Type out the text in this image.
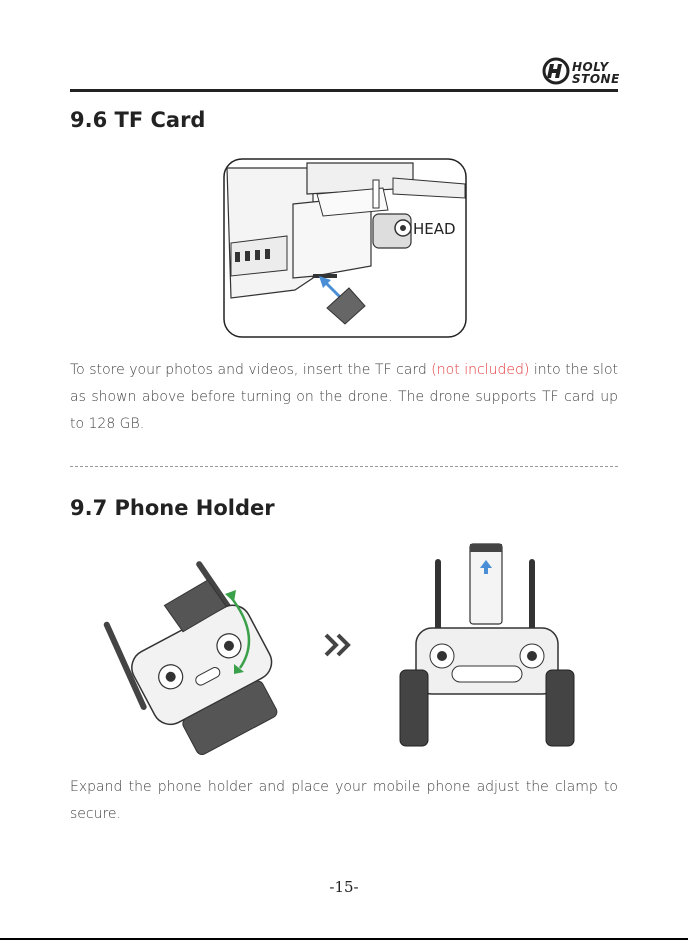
HOLY
STONE
9.6 TF Card
HEAD

To store your photos and videos, insert the TF card (not included) into the slot as shown above before turning on the drone. The drone supports TF card up to 128 GB.

9.7 Phone Holder

Expand the phone holder and place your mobile phone adjust the clamp to secure.

-15-
